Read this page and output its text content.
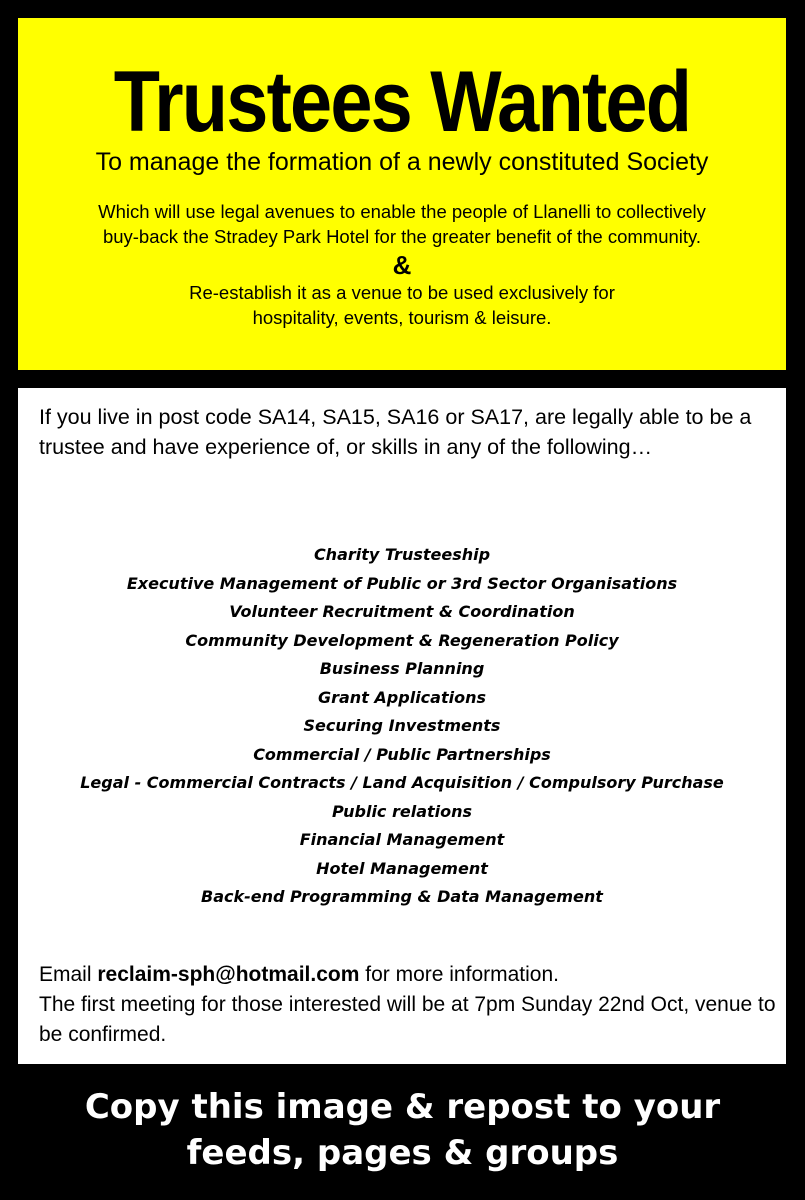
Trustees Wanted
To manage the formation of a newly constituted Society
Which will use legal avenues to enable the people of Llanelli to collectively
buy-back the Stradey Park Hotel for the greater benefit of the community.
&
Re-establish it as a venue to be used exclusively for
hospitality, events, tourism & leisure.
If you live in post code SA14, SA15, SA16 or SA17, are legally able to be a trustee and have experience of, or skills in any of the following…
Charity Trusteeship
Executive Management of Public or 3rd Sector Organisations
Volunteer Recruitment & Coordination
Community Development & Regeneration Policy
Business Planning
Grant Applications
Securing Investments
Commercial / Public Partnerships
Legal - Commercial Contracts / Land Acquisition / Compulsory Purchase
Public relations
Financial Management
Hotel Management
Back-end Programming & Data Management
Email reclaim-sph@hotmail.com for more information.
The first meeting for those interested will be at 7pm Sunday 22nd Oct, venue to be confirmed.
Copy this image & repost to your
feeds, pages & groups
